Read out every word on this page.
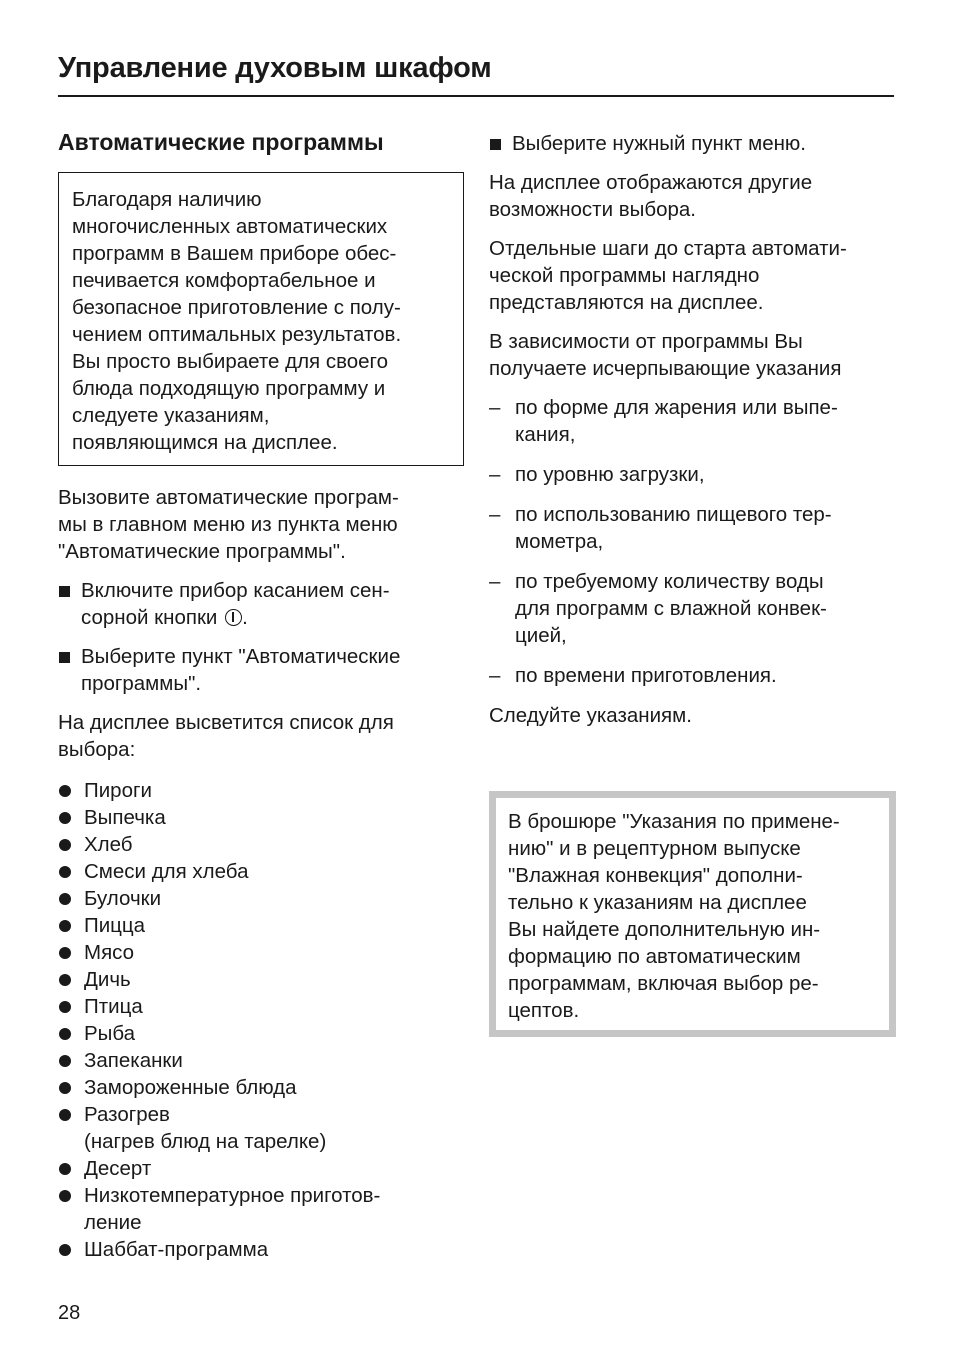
Управление духовым шкафом
Автоматические программы
Благодаря наличию
многочисленных автоматических
программ в Вашем приборе обес-
печивается комфортабельное и
безопасное приготовление с полу-
чением оптимальных результатов.
Вы просто выбираете для своего
блюда подходящую программу и
следуете указаниям,
появляющимся на дисплее.

Вызовите автоматические програм-
мы в главном меню из пункта меню
"Автоматические программы".

Включите прибор касанием сен-
сорной кнопки .
Выберите пункт "Автоматические
программы".

На дисплее высветится список для
выбора:

Пироги
Выпечка
Хлеб
Смеси для хлеба
Булочки
Пицца
Мясо
Дичь
Птица
Рыба
Запеканки
Замороженные блюда
Разогрев
(нагрев блюд на тарелке)
Десерт
Низкотемпературное приготов-
ление
Шаббат-программа
Выберите нужный пункт меню.

На дисплее отображаются другие
возможности выбора.

Отдельные шаги до старта автомати-
ческой программы наглядно
представляются на дисплее.

В зависимости от программы Вы
получаете исчерпывающие указания

– по форме для жарения или выпе-
кания,
– по уровню загрузки,
– по использованию пищевого тер-
мометра,
– по требуемому количеству воды
для программ с влажной конвек-
цией,
– по времени приготовления.

Следуйте указаниям.

В брошюре "Указания по примене-
нию" и в рецептурном выпуске
"Влажная конвекция" дополни-
тельно к указаниям на дисплее
Вы найдете дополнительную ин-
формацию по автоматическим
программам, включая выбор ре-
цептов.
28
